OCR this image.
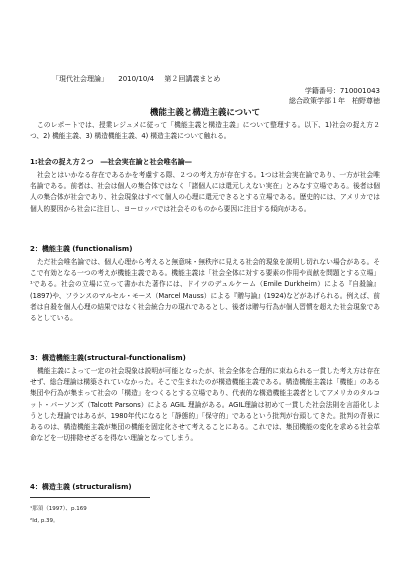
「現代社会理論」 2010/10/4 第２回講義まとめ
学籍番号：710001043
総合政策学部１年　柏野尊徳
機能主義と構造主義について

このレポートでは、授業レジュメに従って「機能主義と構造主義」について整理する。以下、1)社会の捉え方２つ、2) 機能主義、3) 構造機能主義、4) 構造主義について触れる。

1:社会の捉え方２つ　―社会実在論と社会唯名論―

社会とはいかなる存在であるかを考慮する際、２つの考え方が存在する。1つは社会実在論であり、一方が社会唯名論である。前者は、社会は個人の集合体ではなく「諸個人には還元しえない実在」とみなす立場である。後者は個人の集合体が社会であり、社会現象はすべて個人の心理に還元できるとする立場である。歴史的には、アメリカでは個人的要因から社会に注目し、ヨーロッパでは社会そのものから要因に注目する傾向がある。

2：機能主義 (functionalism)

ただ社会唯名論では、個人心理から考えると無意味・無秩序に見える社会的現象を説明し切れない場合がある。そこで有効となる一つの考えが機能主義である。機能主義は「社会全体に対する要素の作用や貢献を問題とする立場」¹である。社会の立場に立って書かれた著作には、ドイツのデュルケーム（Emile Durkheim）による『自殺論』(1897)や、フランスのマルセル・モース（Marcel Mauss）による『贈与論』(1924)などがあげられる。例えば、前者は自殺を個人心理の結果ではなく社会統合力の現れであるとし、後者は贈与行為が個人習慣を超えた社会現象であるとしている。

3：構造機能主義(structural-functionalism)

機能主義によって一定の社会現象は説明が可能となったが、社会全体を合理的に束ねられる一貫した考え方は存在せず、総合理論は構築されていなかった。そこで生まれたのが構造機能主義である。構造機能主義は「機能」のある集団や行為が集まって社会の「構造」をつくるとする立場であり、代表的な構造機能主義者としてアメリカのタルコット・パーソンズ（Talcott Parsons）による AGIL 理論がある。AGIL理論は初めて一貫した社会法則を言語化しようとした理論ではあるが、1980年代になると「静態的」「保守的」であるという批判が台頭してきた。批判の背景にあるのは、構造機能主義が集団の機能を固定化させて考えることにある。これでは、集団機能の変化を求める社会革命などを一切排除せざるを得ない理論となってしまう。

4：構造主義 (structuralism)
¹那須（1997）、p.169
²Id, p.39。
